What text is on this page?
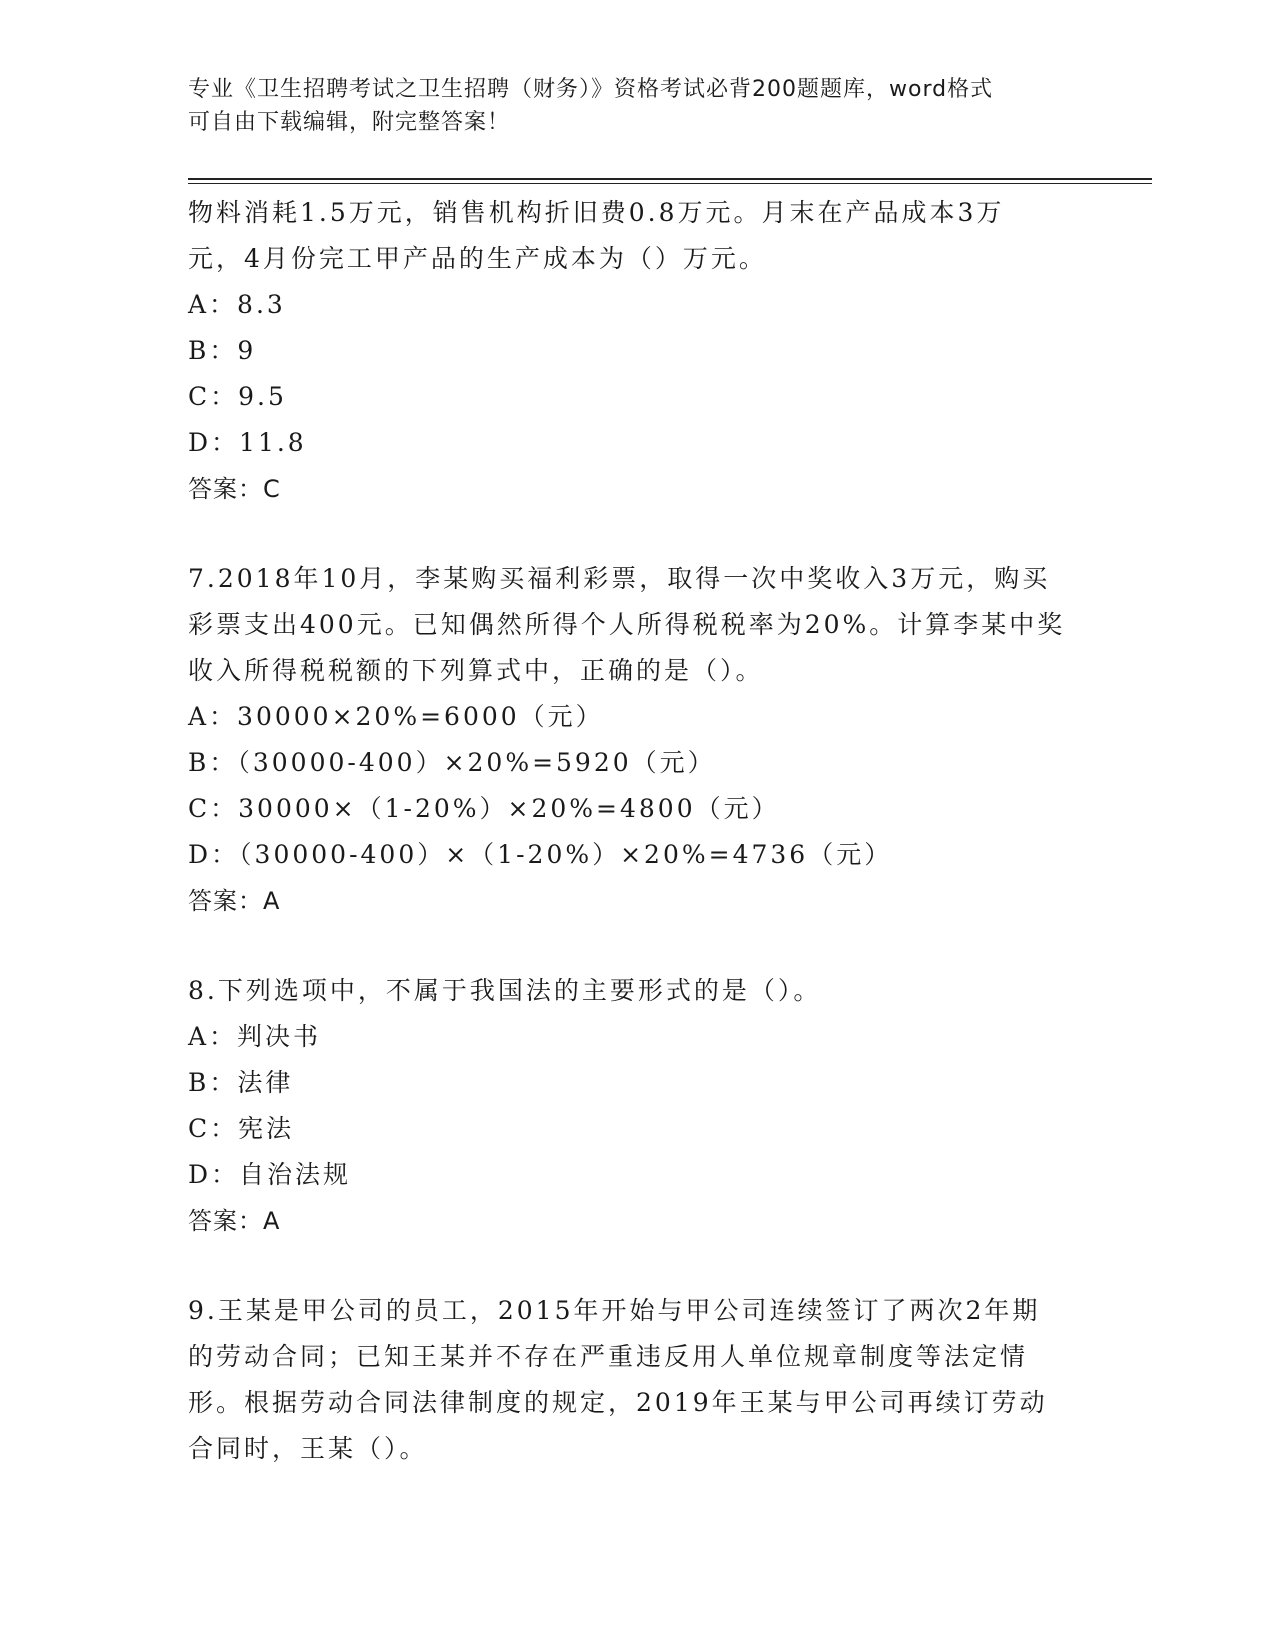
专业《卫生招聘考试之卫生招聘（财务）》资格考试必背200题题库，word格式
可自由下载编辑，附完整答案！
物料消耗1.5万元，销售机构折旧费0.8万元。月末在产品成本3万
元，4月份完工甲产品的生产成本为（）万元。
A：8.3
B：9
C：9.5
D：11.8
答案：C
7.2018年10月，李某购买福利彩票，取得一次中奖收入3万元，购买
彩票支出400元。已知偶然所得个人所得税税率为20%。计算李某中奖
收入所得税税额的下列算式中，正确的是（）。
A：30000×20%=6000（元）
B：（30000-400）×20%=5920（元）
C：30000×（1-20%）×20%=4800（元）
D：（30000-400）×（1-20%）×20%=4736（元）
答案：A
8.下列选项中，不属于我国法的主要形式的是（）。
A：判决书
B：法律
C：宪法
D：自治法规
答案：A
9.王某是甲公司的员工，2015年开始与甲公司连续签订了两次2年期
的劳动合同；已知王某并不存在严重违反用人单位规章制度等法定情
形。根据劳动合同法律制度的规定，2019年王某与甲公司再续订劳动
合同时，王某（）。
